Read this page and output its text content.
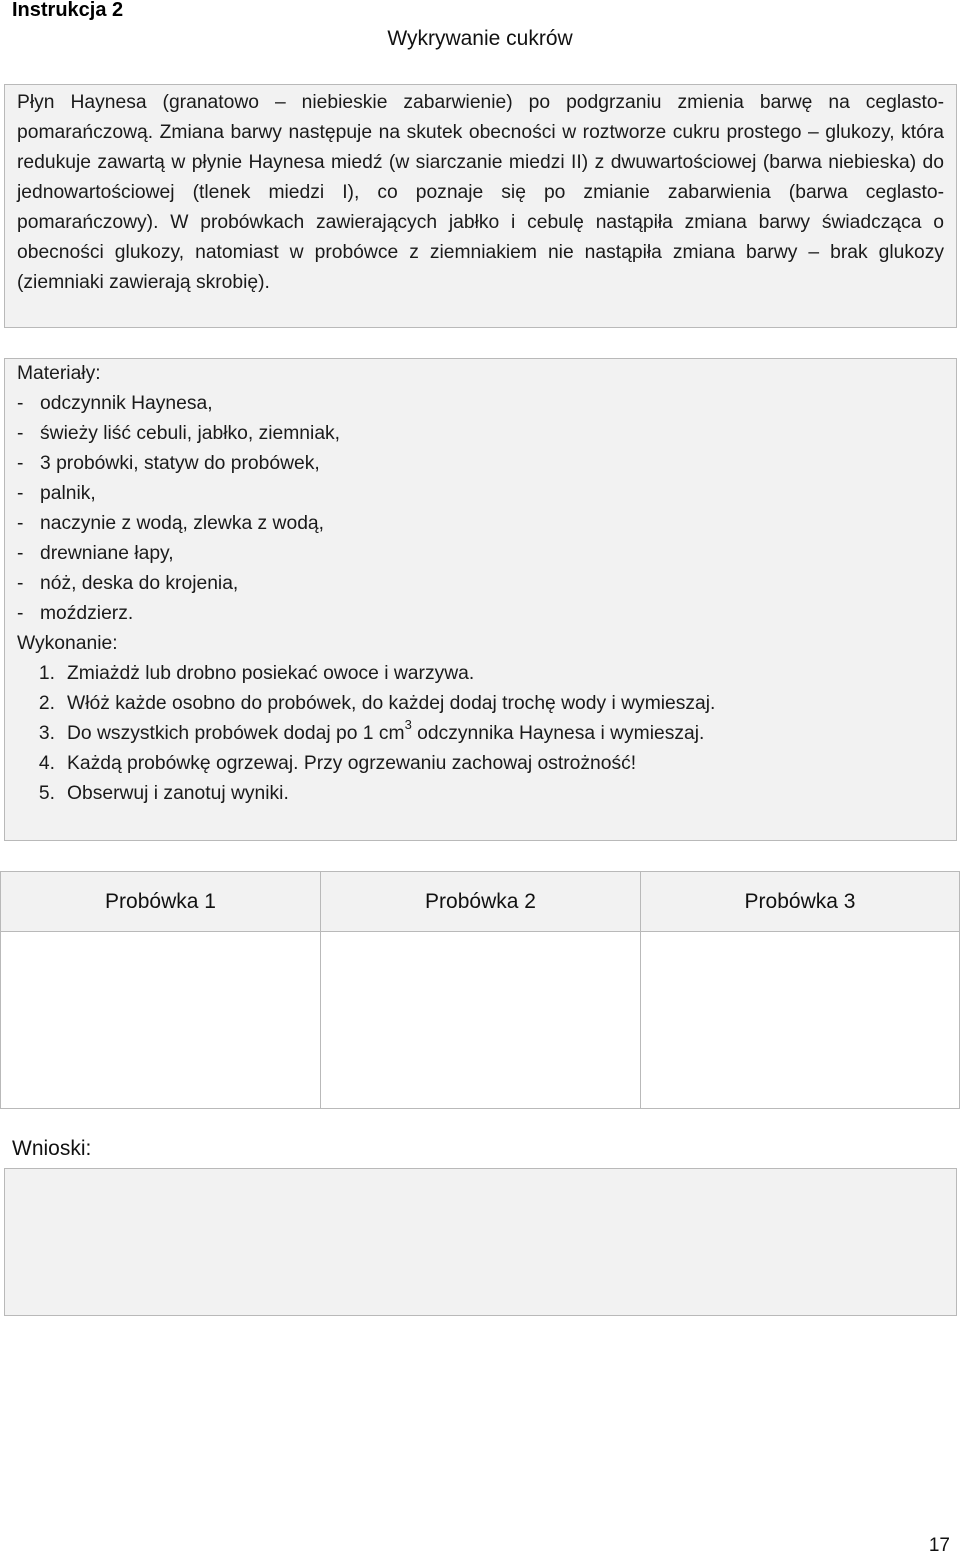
Instrukcja 2
Wykrywanie cukrów

Płyn Haynesa (granatowo – niebieskie zabarwienie) po podgrzaniu zmienia barwę na ceglasto-pomarańczową. Zmiana barwy następuje na skutek obecności w roztworze cukru prostego – glukozy, która redukuje zawartą w płynie Haynesa miedź (w siarczanie miedzi II) z dwuwartościowej (barwa niebieska) do jednowartościowej (tlenek miedzi I), co poznaje się po zmianie zabarwienia (barwa ceglasto-pomarańczowy). W probówkach zawierających jabłko i cebulę nastąpiła zmiana barwy świadcząca o obecności glukozy, natomiast w probówce z ziemniakiem nie nastąpiła zmiana barwy – brak glukozy (ziemniaki zawierają skrobię).

Materiały:
- odczynnik Haynesa,
- świeży liść cebuli, jabłko, ziemniak,
- 3 probówki, statyw do probówek,
- palnik,
- naczynie z wodą, zlewka z wodą,
- drewniane łapy,
- nóż, deska do krojenia,
- moździerz.
Wykonanie:
1. Zmiażdż lub drobno posiekać owoce i warzywa.
2. Włóż każde osobno do probówek, do każdej dodaj trochę wody i wymieszaj.
3. Do wszystkich probówek dodaj po 1 $cm^3$ odczynnika Haynesa i wymieszaj.
4. Każdą probówkę ogrzewaj. Przy ogrzewaniu zachowaj ostrożność!
5. Obserwuj i zanotuj wyniki.
Probówka 1	Probówka 2	Probówka 3
Wnioski:
17
